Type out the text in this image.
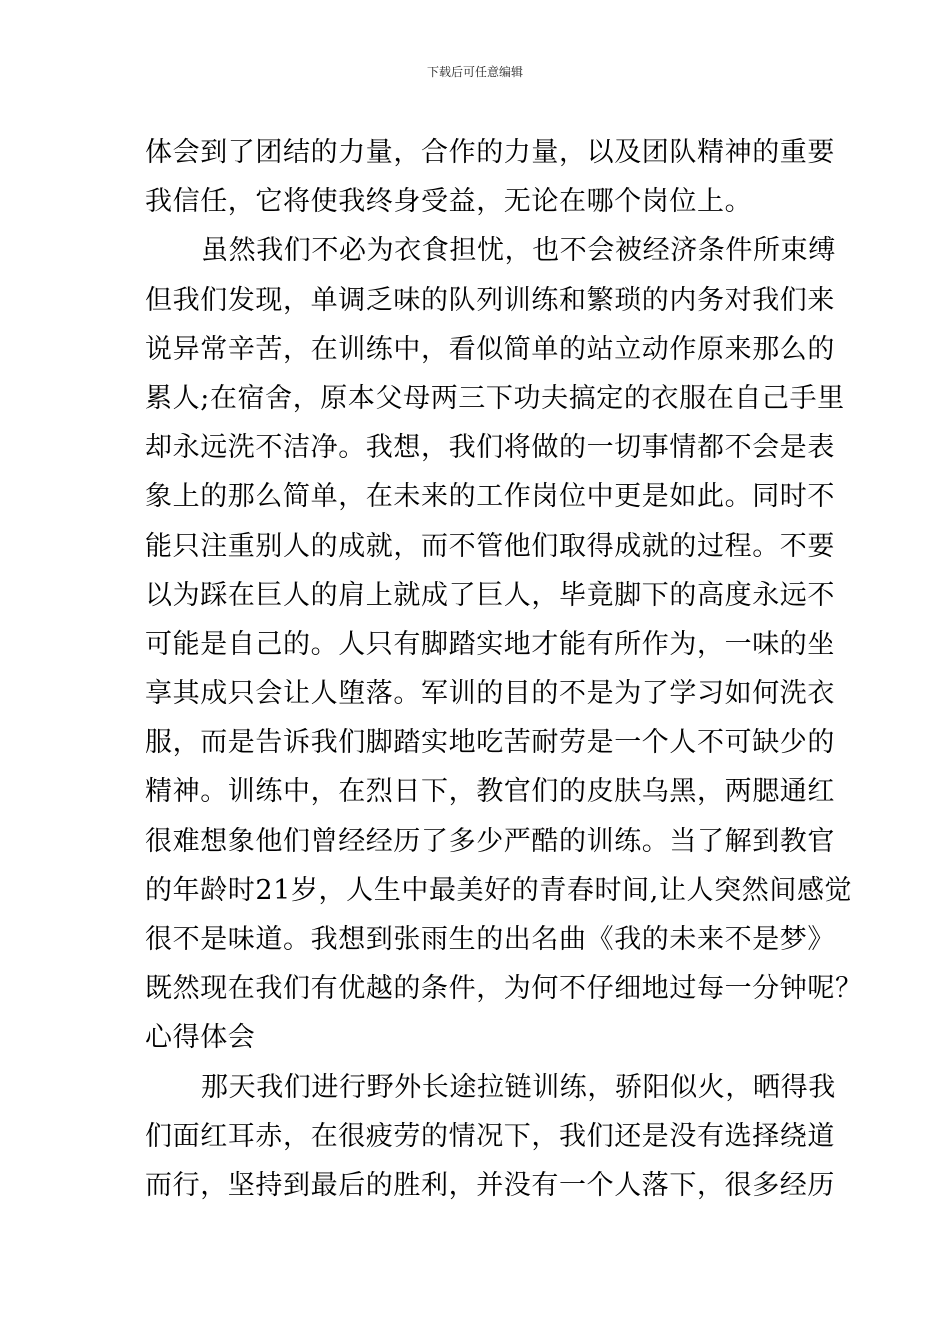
下载后可任意编辑
体会到了团结的力量，合作的力量，以及团队精神的重要
我信任，它将使我终身受益，无论在哪个岗位上。
虽然我们不必为衣食担忧，也不会被经济条件所束缚
但我们发现，单调乏味的队列训练和繁琐的内务对我们来
说异常辛苦，在训练中，看似简单的站立动作原来那么的
累人;在宿舍，原本父母两三下功夫搞定的衣服在自己手里
却永远洗不洁净。我想，我们将做的一切事情都不会是表
象上的那么简单，在未来的工作岗位中更是如此。同时不
能只注重别人的成就，而不管他们取得成就的过程。不要
以为踩在巨人的肩上就成了巨人，毕竟脚下的高度永远不
可能是自己的。人只有脚踏实地才能有所作为，一味的坐
享其成只会让人堕落。军训的目的不是为了学习如何洗衣
服，而是告诉我们脚踏实地吃苦耐劳是一个人不可缺少的
精神。训练中，在烈日下，教官们的皮肤乌黑，两腮通红
很难想象他们曾经经历了多少严酷的训练。当了解到教官
的年龄时21岁，人生中最美好的青春时间,让人突然间感觉
很不是味道。我想到张雨生的出名曲《我的未来不是梦》
既然现在我们有优越的条件，为何不仔细地过每一分钟呢？
心得体会
那天我们进行野外长途拉链训练，骄阳似火，晒得我
们面红耳赤，在很疲劳的情况下，我们还是没有选择绕道
而行，坚持到最后的胜利，并没有一个人落下，很多经历
